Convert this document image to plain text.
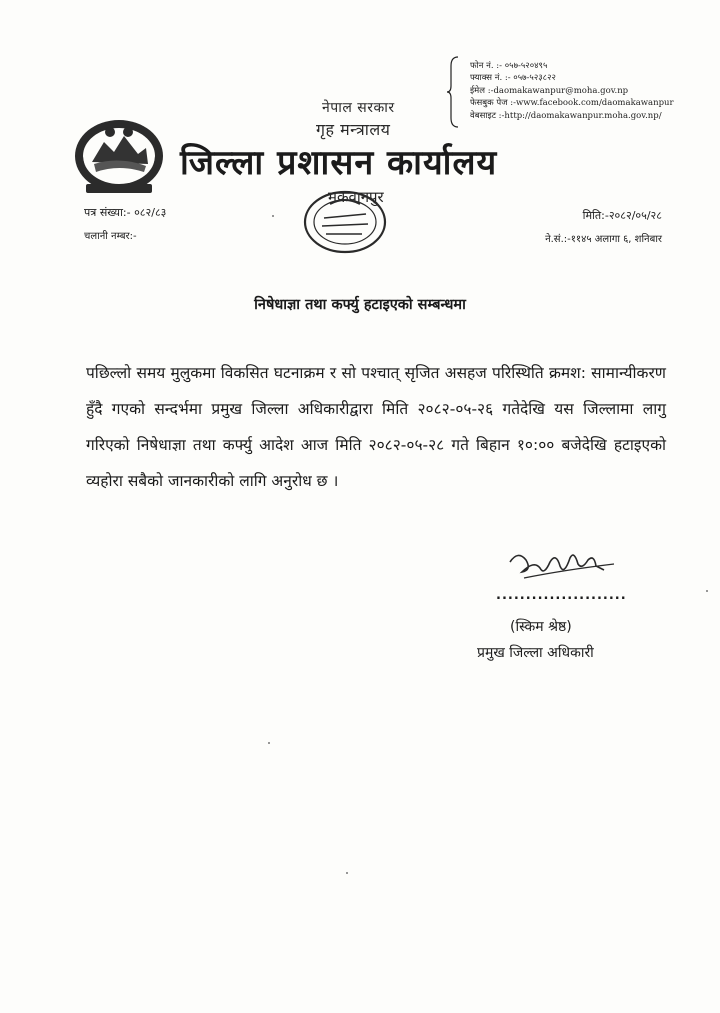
फोन नं. :- ०५७-५२०४९५
फ्याक्स नं. :- ०५७-५२३८२२
ईमेल :-daomakawanpur@moha.gov.np
फेसबुक पेज :-www.facebook.com/daomakawanpur
वेबसाइट :-http://daomakawanpur.moha.gov.np/
नेपाल सरकार
गृह मन्त्रालय
जिल्ला प्रशासन कार्यालय
मकवानपुर
पत्र संख्या:- ०८२/८३
चलानी नम्बर:-
मिति:-२०८२/०५/२८
ने.सं.:-११४५ अलागा ६, शनिबार
निषेधाज्ञा तथा कर्फ्यु हटाइएको सम्बन्धमा
पछिल्लो समय मुलुकमा विकसित घटनाक्रम र सो पश्चात् सृजित असहज परिस्थिति क्रमश: सामान्यीकरण हुँदै गएको सन्दर्भमा प्रमुख जिल्ला अधिकारीद्वारा मिति २०८२-०५-२६ गतेदेखि यस जिल्लामा लागु गरिएको निषेधाज्ञा तथा कर्फ्यु आदेश आज मिति २०८२-०५-२८ गते बिहान १०:०० बजेदेखि हटाइएको व्यहोरा सबैको जानकारीको लागि अनुरोध छ ।
......................
(स्किम श्रेष्ठ)
प्रमुख जिल्ला अधिकारी
